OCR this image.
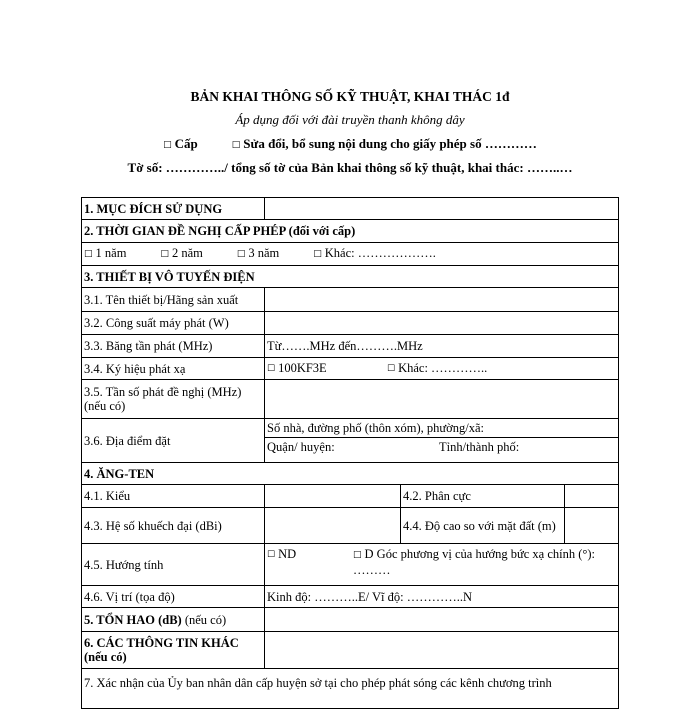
BẢN KHAI THÔNG SỐ KỸ THUẬT, KHAI THÁC 1đ
Áp dụng đối với đài truyền thanh không dây
□ Cấp	□ Sửa đổi, bổ sung nội dung cho giấy phép số …………
Tờ số: …………../ tổng số tờ của Bản khai thông số kỹ thuật, khai thác: ……..…
1. MỤC ĐÍCH SỬ DỤNG			
2. THỜI GIAN ĐỀ NGHỊ CẤP PHÉP (đối với cấp)			

□ 1 năm □ 2 năm □ 3 năm □ Khác: ……………….			

3. THIẾT BỊ VÔ TUYẾN ĐIỆN			
3.1. Tên thiết bị/Hãng sản xuất			
3.2. Công suất máy phát (W)			
3.3. Băng tần phát (MHz)	Từ…….MHz đến……….MHz		
3.4. Ký hiệu phát xạ	☐ 100KF3E ☐ Khác: …………..		

3.5. Tần số phát đề nghị (MHz) (nếu có)			
3.6. Địa điểm đặt	Số nhà, đường phố (thôn xóm), phường/xã:
Quận/ huyện: Tỉnh/thành phố:		

4. ĂNG-TEN			
4.1. Kiểu		4.2. Phân cực	
4.3. Hệ số khuếch đại (dBi)		4.4. Độ cao so với mặt đất (m)	
4.5. Hướng tính	☐ ND □ D Góc phương vị của hướng bức xạ chính (°): ………		

4.6. Vị trí (tọa độ)	Kinh độ: ………..E/ Vĩ độ: …………..N		
5. TỔN HAO (dB) (nếu có)			
6. CÁC THÔNG TIN KHÁC (nếu có)			
7. Xác nhận của Ủy ban nhân dân cấp huyện sở tại cho phép phát sóng các kênh chương trình			
